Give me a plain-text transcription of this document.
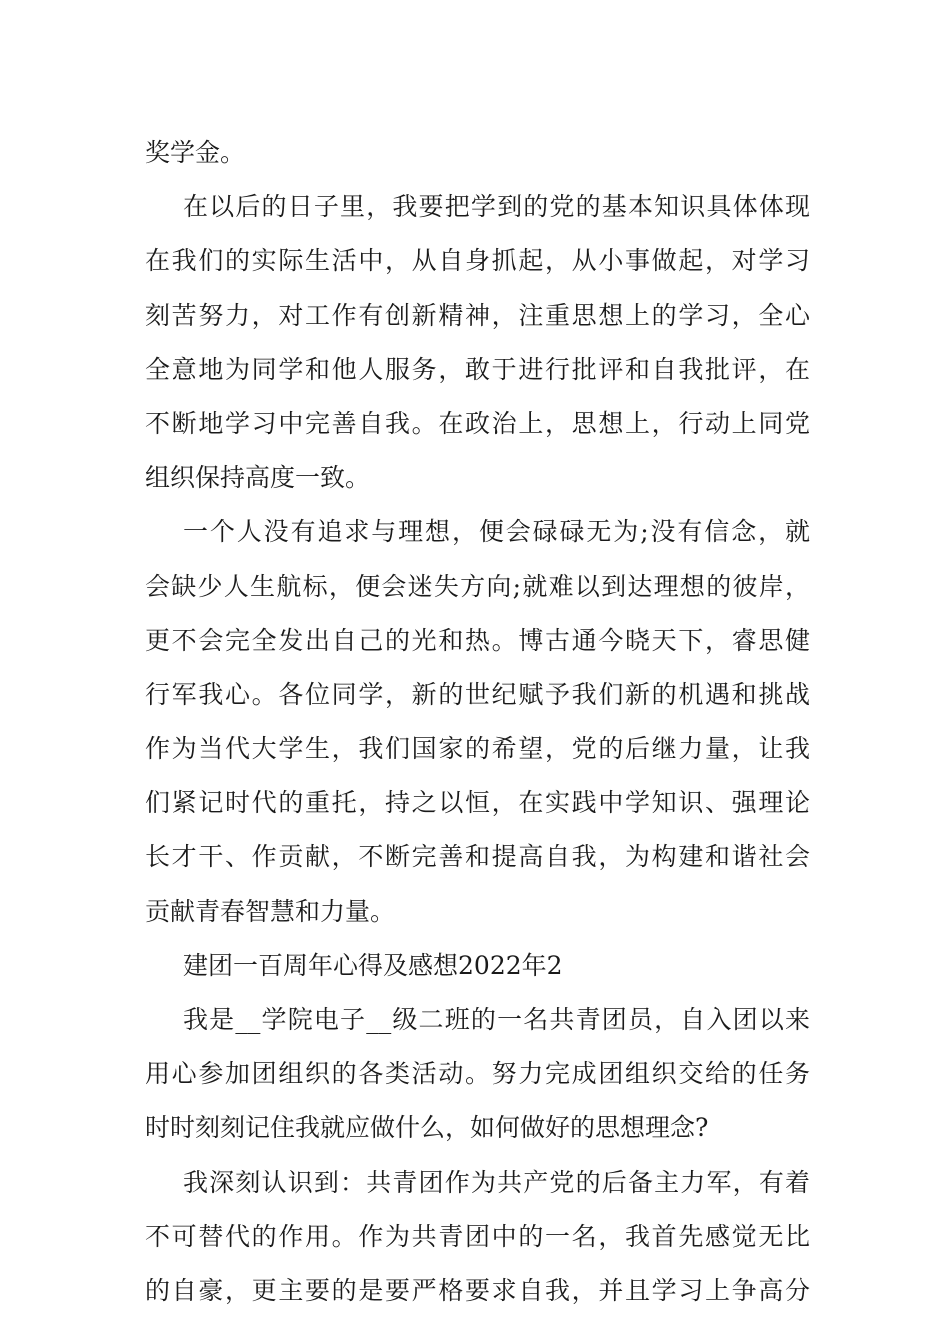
奖学金。
在以后的日子里，我要把学到的党的基本知识具体体现
在我们的实际生活中，从自身抓起，从小事做起，对学习
刻苦努力，对工作有创新精神，注重思想上的学习，全心
全意地为同学和他人服务，敢于进行批评和自我批评，在
不断地学习中完善自我。在政治上，思想上，行动上同党
组织保持高度一致。
一个人没有追求与理想，便会碌碌无为;没有信念，就
会缺少人生航标，便会迷失方向;就难以到达理想的彼岸，
更不会完全发出自己的光和热。博古通今晓天下，睿思健
行军我心。各位同学，新的世纪赋予我们新的机遇和挑战
作为当代大学生，我们国家的希望，党的后继力量，让我
们紧记时代的重托，持之以恒，在实践中学知识、强理论
长才干、作贡献，不断完善和提高自我，为构建和谐社会
贡献青春智慧和力量。
建团一百周年心得及感想2022年2
我是__学院电子__级二班的一名共青团员，自入团以来
用心参加团组织的各类活动。努力完成团组织交给的任务
时时刻刻记住我就应做什么，如何做好的思想理念?
我深刻认识到：共青团作为共产党的后备主力军，有着
不可替代的作用。作为共青团中的一名，我首先感觉无比
的自豪，更主要的是要严格要求自我，并且学习上争高分
